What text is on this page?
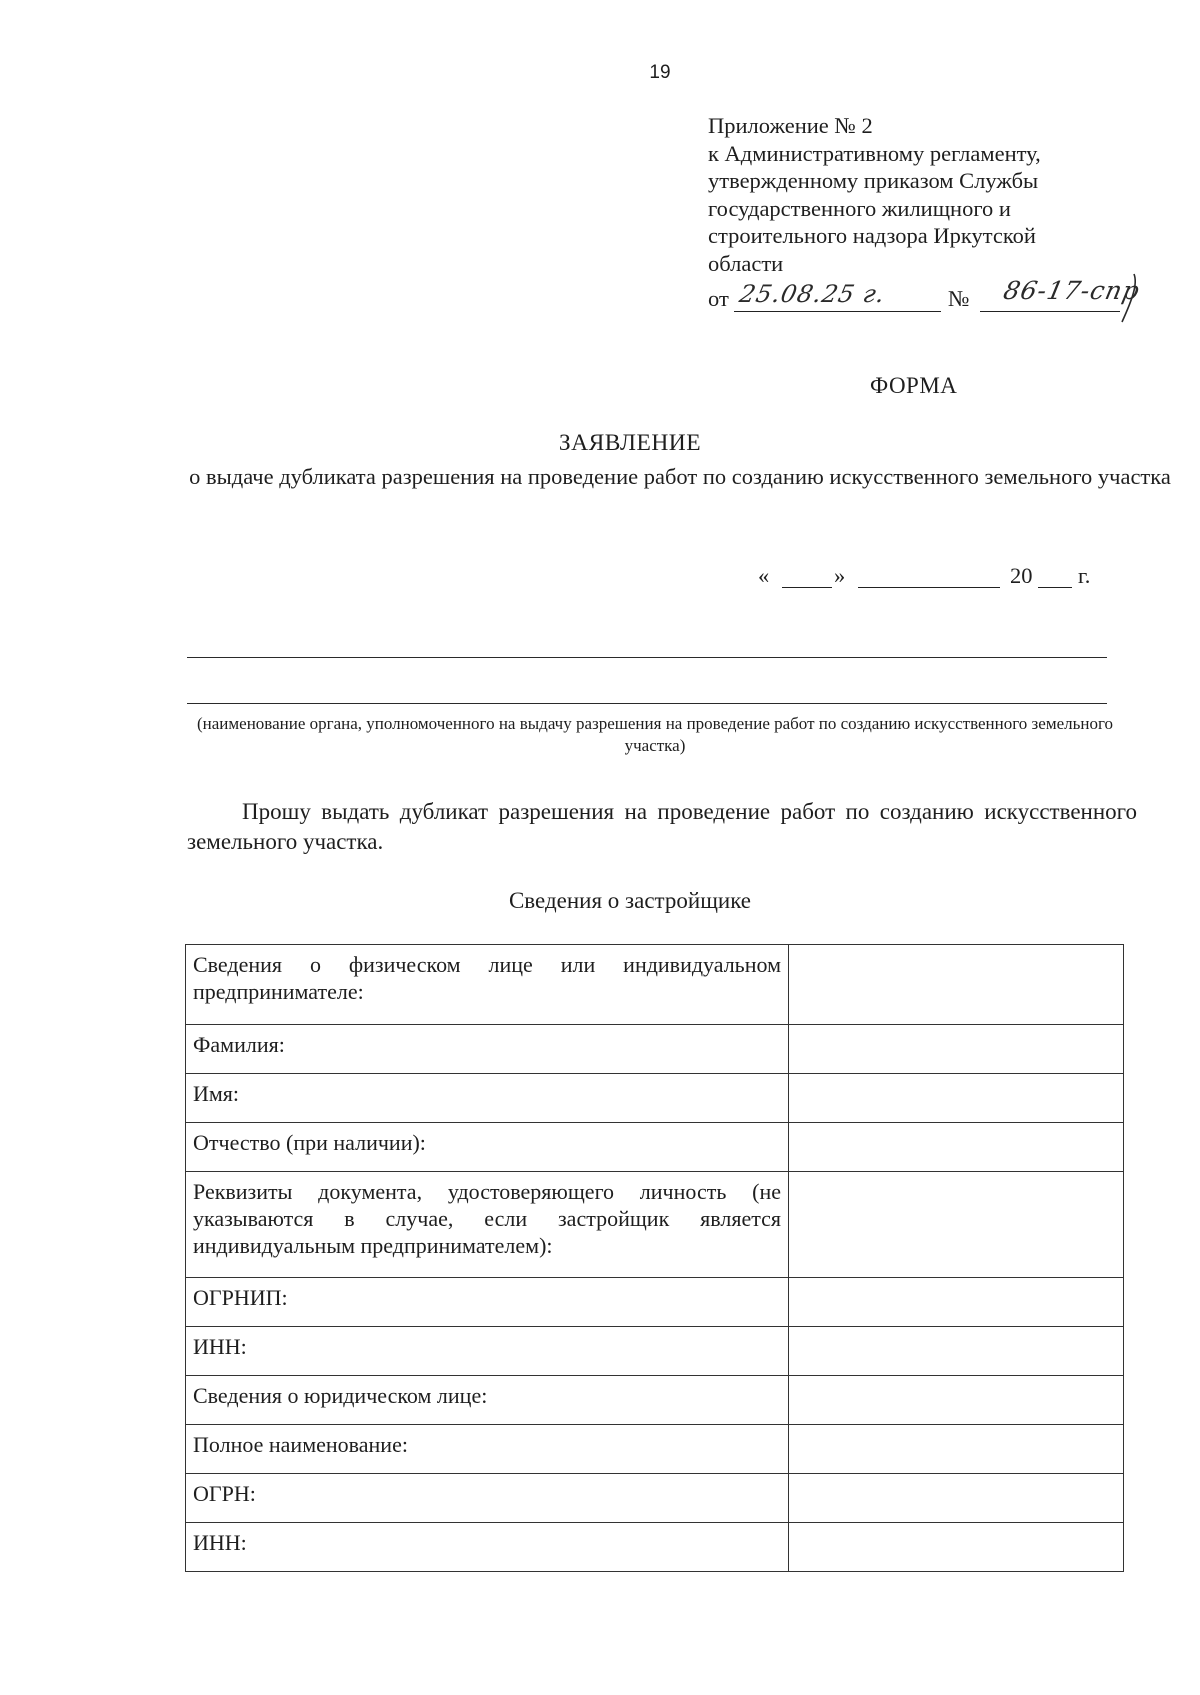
19
Приложение № 2
к Административному регламенту,
утвержденному приказом Службы
государственного жилищного и
строительного надзора Иркутской
области
от 25.08.25 г.	№ 86-17-спр
ФОРМА
ЗАЯВЛЕНИЕ
о выдаче дубликата разрешения на проведение работ по созданию искусственного земельного участка
«	»	20 г.
(наименование органа, уполномоченного на выдачу разрешения на проведение работ по созданию искусственного земельного участка)
Прошу выдать дубликат разрешения на проведение работ по созданию искусственного земельного участка.
Сведения о застройщике
Сведения о физическом лице или индивидуальном предпринимателе:	
Фамилия:	
Имя:	
Отчество (при наличии):	
Реквизиты документа, удостоверяющего личность (не указываются в случае, если застройщик является индивидуальным предпринимателем):	
ОГРНИП:	
ИНН:	
Сведения о юридическом лице:	
Полное наименование:	
ОГРН:	
ИНН:	
